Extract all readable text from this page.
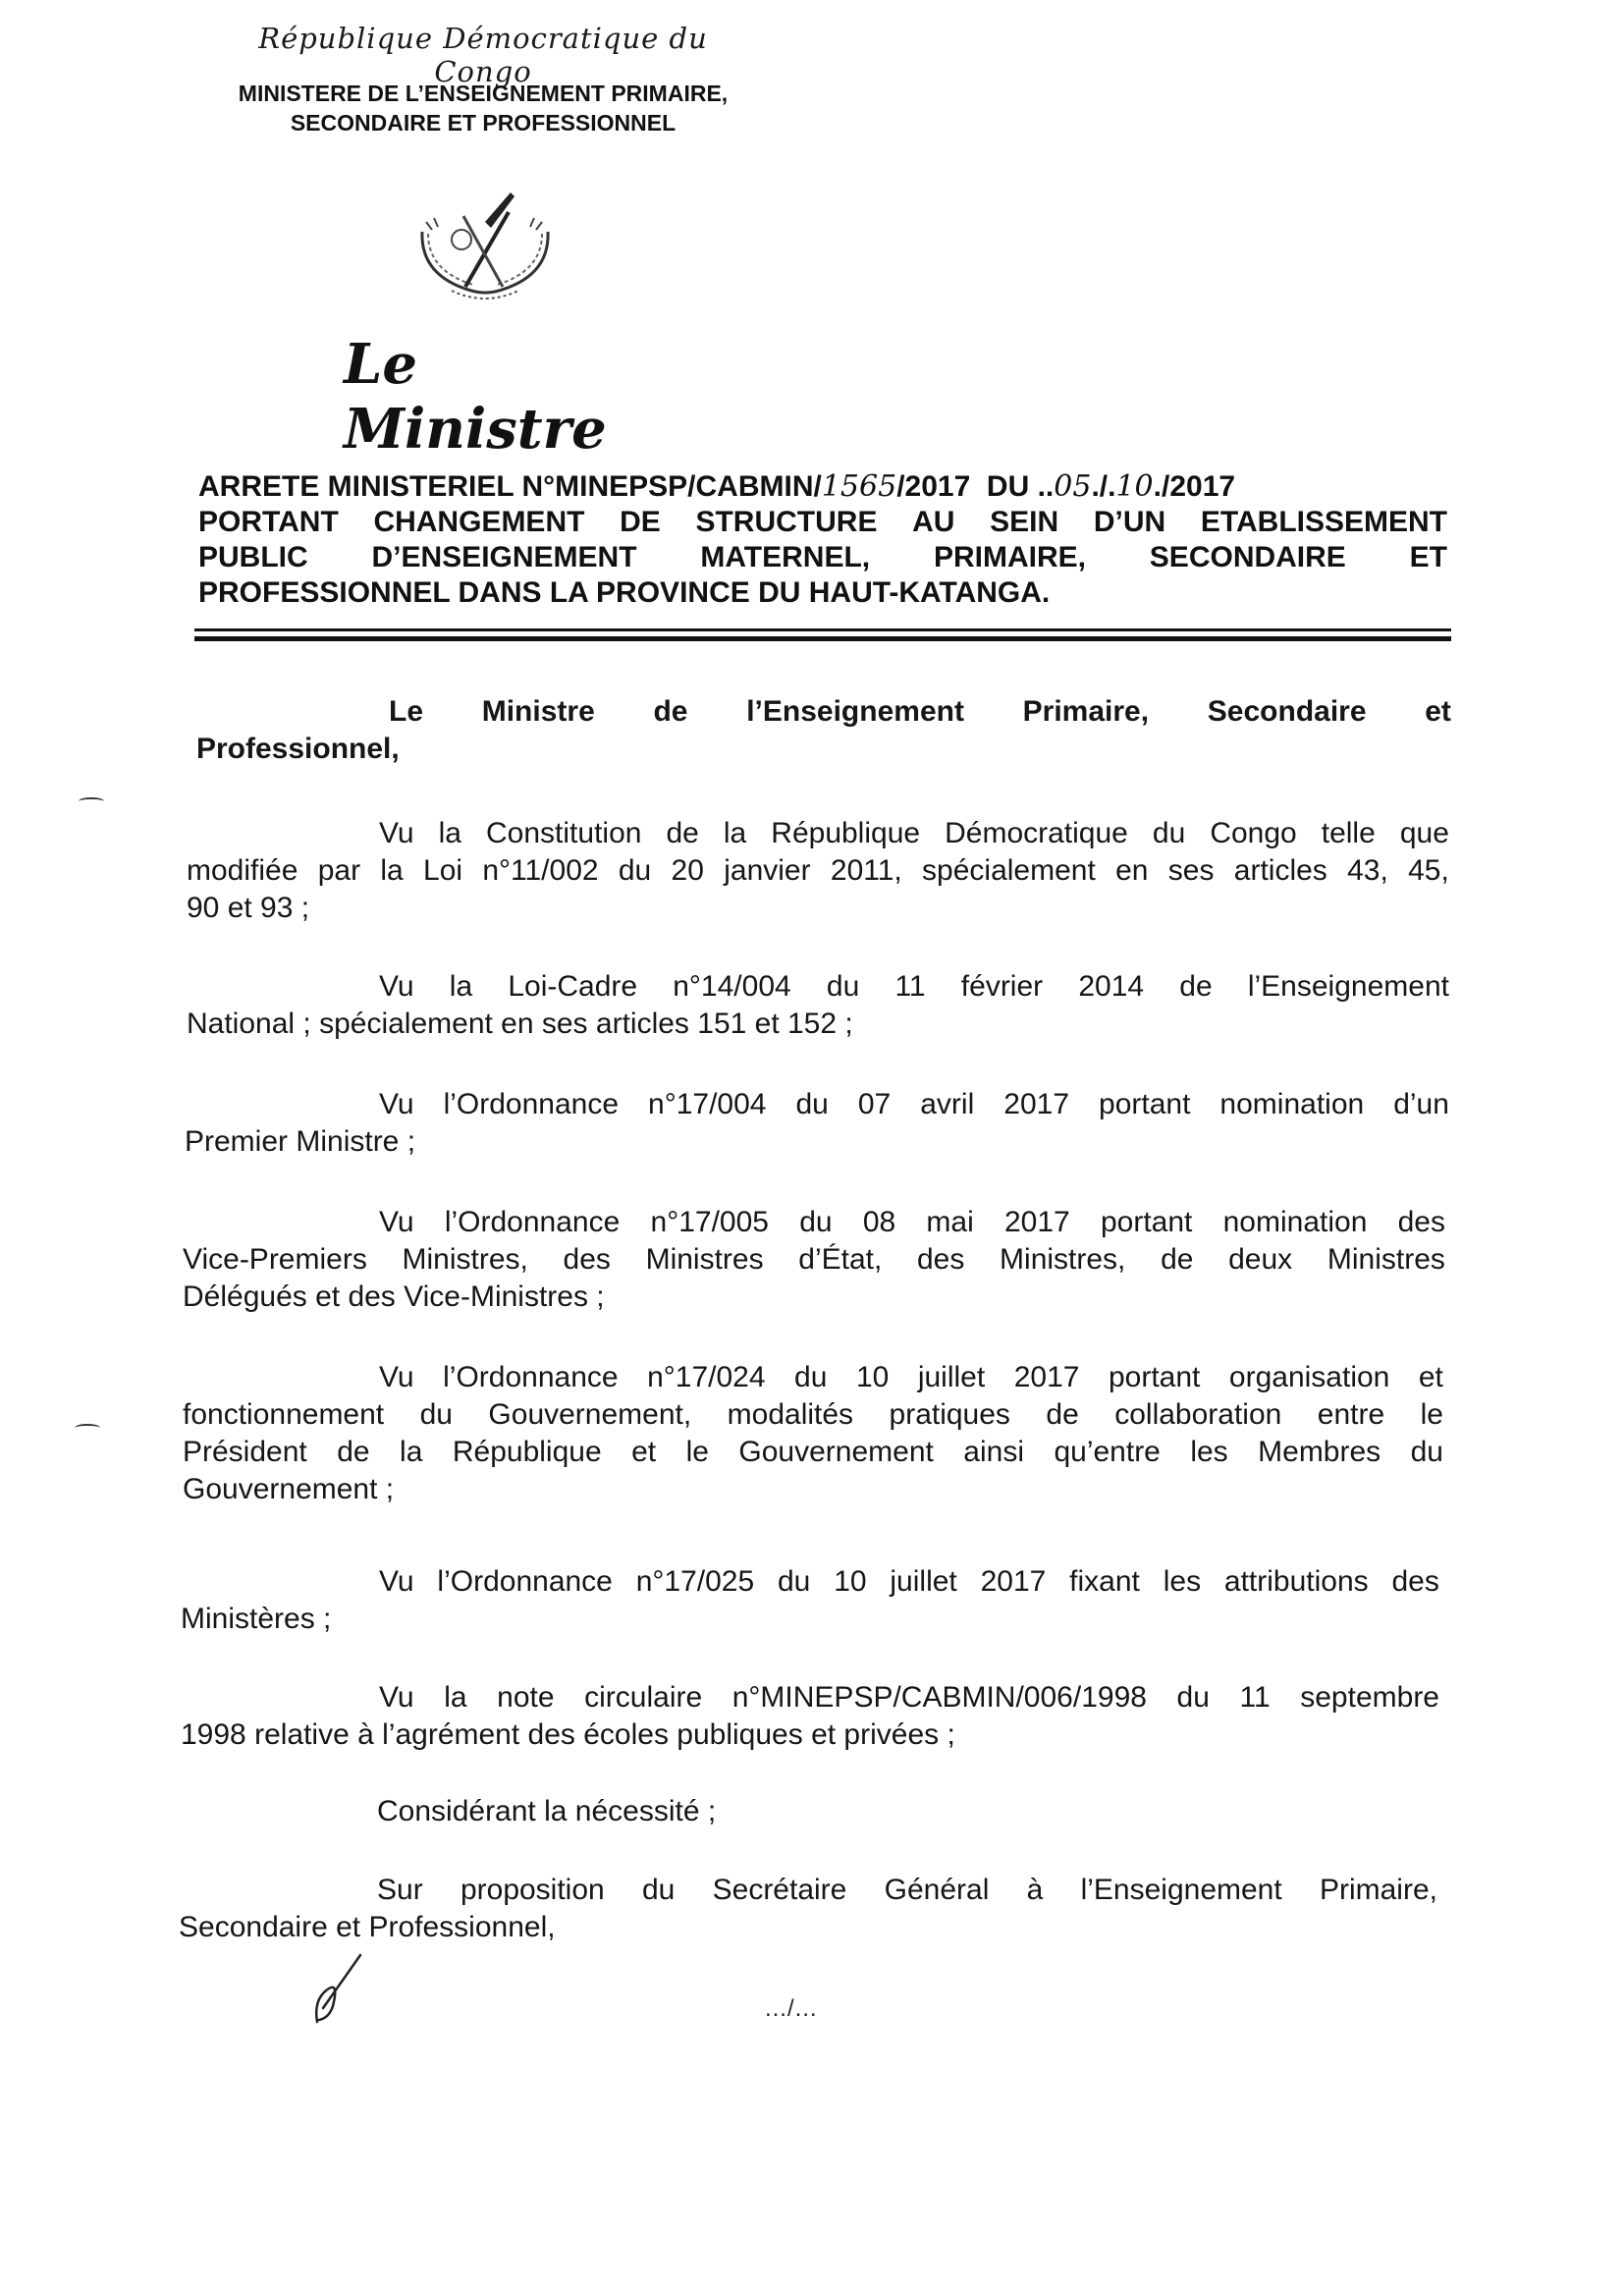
République Démocratique du Congo
MINISTERE DE L’ENSEIGNEMENT PRIMAIRE,
SECONDAIRE ET PROFESSIONNEL
Le Ministre
ARRETE MINISTERIEL N°MINEPSP/CABMIN/ 1565 /2017  DU .. 05 ./. 10 ./2017
PORTANT CHANGEMENT DE STRUCTURE AU SEIN D’UN ETABLISSEMENT
PUBLIC D’ENSEIGNEMENT MATERNEL, PRIMAIRE, SECONDAIRE ET
PROFESSIONNEL DANS LA PROVINCE DU HAUT-KATANGA.
Le Ministre de l’Enseignement Primaire, Secondaire et
Professionnel,
Vu la Constitution de la République Démocratique du Congo telle que
modifiée par la Loi n°11/002 du 20 janvier 2011, spécialement en ses articles 43, 45,
90 et 93 ;
Vu la Loi-Cadre n°14/004 du 11 février 2014 de l’Enseignement
National ; spécialement en ses articles 151 et 152 ;
Vu l’Ordonnance n°17/004 du 07 avril 2017 portant nomination d’un
Premier Ministre ;
Vu l’Ordonnance n°17/005 du 08 mai 2017 portant nomination des
Vice-Premiers Ministres, des Ministres d’État, des Ministres, de deux Ministres
Délégués et des Vice-Ministres ;
Vu l’Ordonnance n°17/024 du 10 juillet 2017 portant organisation et
fonctionnement du Gouvernement, modalités pratiques de collaboration entre le
Président de la République et le Gouvernement ainsi qu’entre les Membres du
Gouvernement ;
Vu l’Ordonnance n°17/025 du 10 juillet 2017 fixant les attributions des
Ministères ;
Vu la note circulaire n°MINEPSP/CABMIN/006/1998 du 11 septembre
1998 relative à l’agrément des écoles publiques et privées ;
Considérant la nécessité ;
Sur proposition du Secrétaire Général à l’Enseignement Primaire,
Secondaire et Professionnel,
…/…
